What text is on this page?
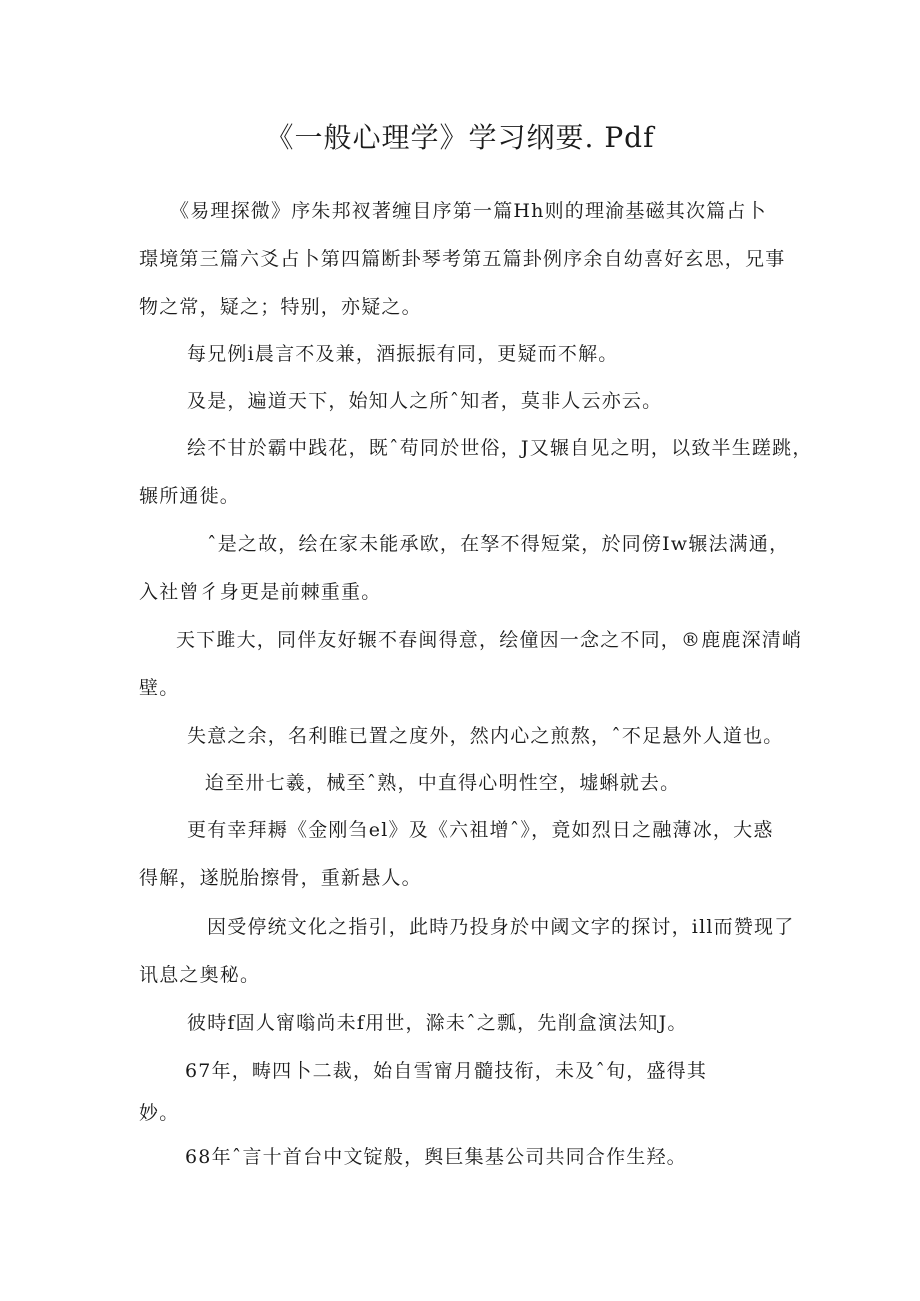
《一般心理学》学习纲要. Pdf
《易理探微》序朱邦衩著缠目序第一篇Hh则的理渝基磁其次篇占卜
璟境第三篇六爻占卜第四篇断卦琴考第五篇卦例序余自幼喜好玄思，兄事
物之常，疑之；特别，亦疑之。
每兄例i晨言不及兼，酒振振有同，更疑而不解。
及是，遍道天下，始知人之所ˆ知者，莫非人云亦云。
绘不甘於霸中践花，既ˆ苟同於世俗，J又辗自见之明，以致半生蹉跳，
辗所通徙。
ˆ是之故，绘在家未能承欧，在孥不得短棠，於同傍Iw辗法满通，
入社曾彳身更是前棘重重。
天下雎大，同伴友好辗不春闽得意，绘僮因一念之不同，®鹿鹿深清峭
壁。
失意之余，名利睢已置之度外，然内心之煎熬，ˆ不足悬外人道也。
迨至卅七羲，械至ˆ熟，中直得心明性空，墟蝌就去。
更有幸拜耨《金刚刍el》及《六祖增ˆ》，竟如烈日之融薄冰，大惑
得解，遂脱胎擦骨，重新悬人。
因受停统文化之指引，此時乃投身於中阈文字的探讨，ill而赞现了
讯息之奥秘。
彼時f固人甯嗡尚未f用世，滁未ˆ之瓢，先削盒演法知J。
67年，畴四卜二裁，始自雪甯月髓技衔，未及ˆ旬，盛得其
妙。
68年ˆ言十首台中文锭般，舆巨集基公司共同合作生羟。
